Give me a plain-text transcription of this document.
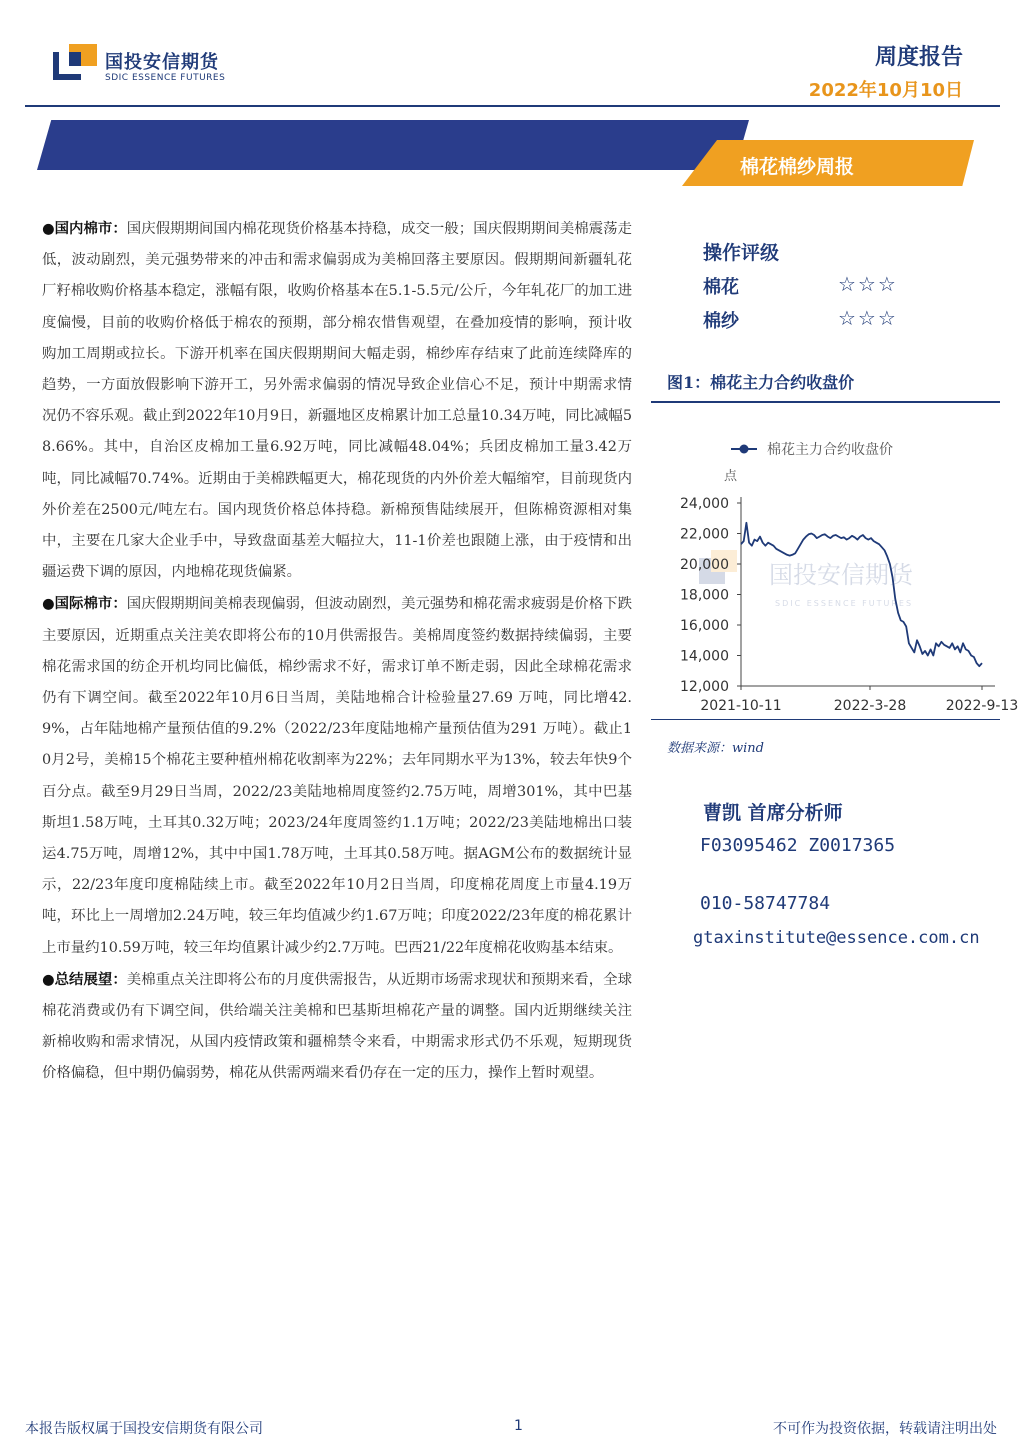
国投安信期货
SDIC ESSENCE FUTURES
周度报告
2022年10月10日
棉花棉纱周报

●国内棉市：国庆假期期间国内棉花现货价格基本持稳，成交一般；国庆假期期间美棉震荡走低，波动剧烈，美元强势带来的冲击和需求偏弱成为美棉回落主要原因。假期期间新疆轧花厂籽棉收购价格基本稳定，涨幅有限，收购价格基本在5.1-5.5元/公斤，今年轧花厂的加工进度偏慢，目前的收购价格低于棉农的预期，部分棉农惜售观望，在叠加疫情的影响，预计收购加工周期或拉长。下游开机率在国庆假期期间大幅走弱，棉纱库存结束了此前连续降库的趋势，一方面放假影响下游开工，另外需求偏弱的情况导致企业信心不足，预计中期需求情况仍不容乐观。截止到2022年10月9日，新疆地区皮棉累计加工总量10.34万吨，同比减幅58.66%。其中，自治区皮棉加工量6.92万吨，同比减幅48.04%；兵团皮棉加工量3.42万吨，同比减幅70.74%。近期由于美棉跌幅更大，棉花现货的内外价差大幅缩窄，目前现货内外价差在2500元/吨左右。国内现货价格总体持稳。新棉预售陆续展开，但陈棉资源相对集中，主要在几家大企业手中，导致盘面基差大幅拉大，11-1价差也跟随上涨，由于疫情和出疆运费下调的原因，内地棉花现货偏紧。

●国际棉市：国庆假期期间美棉表现偏弱，但波动剧烈，美元强势和棉花需求疲弱是价格下跌主要原因，近期重点关注美农即将公布的10月供需报告。美棉周度签约数据持续偏弱，主要棉花需求国的纺企开机均同比偏低，棉纱需求不好，需求订单不断走弱，因此全球棉花需求仍有下调空间。截至2022年10月6日当周，美陆地棉合计检验量27.69 万吨，同比增42.9%，占年陆地棉产量预估值的9.2%（2022/23年度陆地棉产量预估值为291 万吨）。截止10月2号，美棉15个棉花主要种植州棉花收割率为22%；去年同期水平为13%，较去年快9个百分点。截至9月29日当周，2022/23美陆地棉周度签约2.75万吨，周增301%，其中巴基斯坦1.58万吨，土耳其0.32万吨；2023/24年度周签约1.1万吨；2022/23美陆地棉出口装运4.75万吨，周增12%，其中中国1.78万吨，土耳其0.58万吨。据AGM公布的数据统计显示，22/23年度印度棉陆续上市。截至2022年10月2日当周，印度棉花周度上市量4.19万吨，环比上一周增加2.24万吨，较三年均值减少约1.67万吨；印度2022/23年度的棉花累计上市量约10.59万吨，较三年均值累计减少约2.7万吨。巴西21/22年度棉花收购基本结束。

●总结展望：美棉重点关注即将公布的月度供需报告，从近期市场需求现状和预期来看，全球棉花消费或仍有下调空间，供给端关注美棉和巴基斯坦棉花产量的调整。国内近期继续关注新棉收购和需求情况，从国内疫情政策和疆棉禁令来看，中期需求形式仍不乐观，短期现货价格偏稳，但中期仍偏弱势，棉花从供需两端来看仍存在一定的压力，操作上暂时观望。

操作评级
棉花	☆☆☆
棉纱	☆☆☆
图1：棉花主力合约收盘价
棉花主力合约收盘价
点
国投安信期货
SDIC ESSENCE FUTURES
12,000
14,000
16,000
18,000
20,000
22,000
24,000
2021-10-11	2022-3-28	2022-9-13
数据来源：wind
曹凯 首席分析师
F03095462 Z0017365
010-58747784
gtaxinstitute@essence.com.cn
本报告版权属于国投安信期货有限公司	1	不可作为投资依据，转载请注明出处
